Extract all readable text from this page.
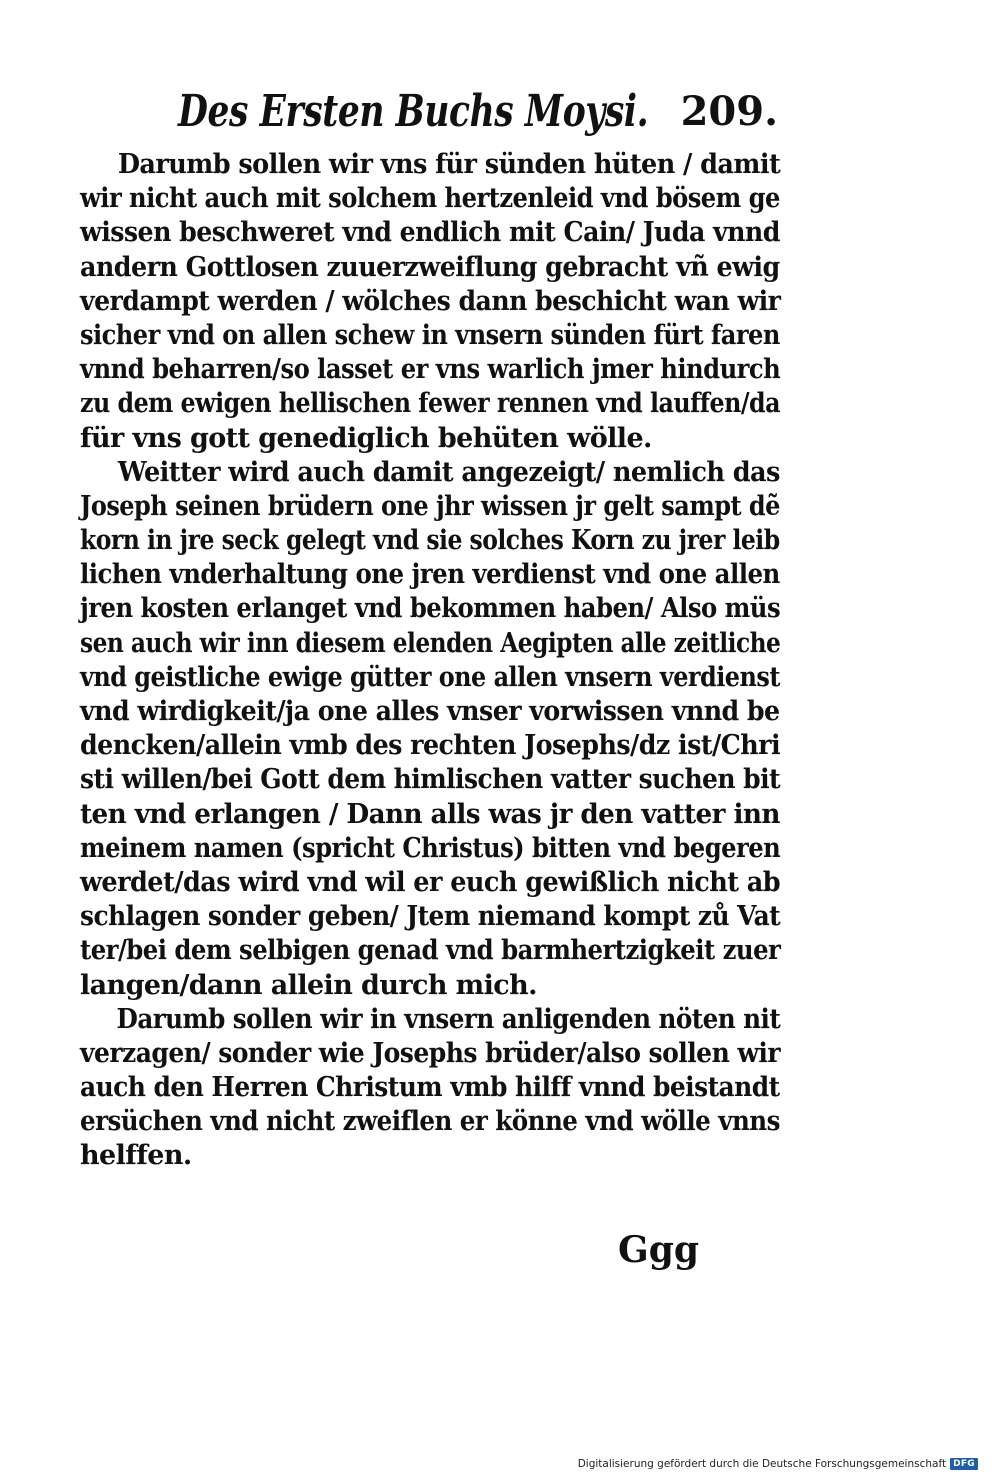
Des Ersten Buchs Moysi. 209.
Darumb sollen wir vns für sünden hüten / damit
wir nicht auch mit solchem hertzenleid vnd bösem ge
wissen beschweret vnd endlich mit Cain/ Juda vnnd
andern Gottlosen zuuerzweiflung gebracht vñ ewig
verdampt werden / wölches dann beschicht wan wir
sicher vnd on allen schew in vnsern sünden fürt faren
vnnd beharren/so lasset er vns warlich jmer hindurch
zu dem ewigen hellischen fewer rennen vnd lauffen/da
für vns gott genediglich behüten wölle.
Weitter wird auch damit angezeigt/ nemlich das
Joseph seinen brüdern one jhr wissen jr gelt sampt dẽ
korn in jre seck gelegt vnd sie solches Korn zu jrer leib
lichen vnderhaltung one jren verdienst vnd one allen
jren kosten erlanget vnd bekommen haben/ Also müs
sen auch wir inn diesem elenden Aegipten alle zeitliche
vnd geistliche ewige gütter one allen vnsern verdienst
vnd wirdigkeit/ja one alles vnser vorwissen vnnd be
dencken/allein vmb des rechten Josephs/dz ist/Chri
sti willen/bei Gott dem himlischen vatter suchen bit
ten vnd erlangen / Dann alls was jr den vatter inn
meinem namen (spricht Christus) bitten vnd begeren
werdet/das wird vnd wil er euch gewißlich nicht ab
schlagen sonder geben/ Jtem niemand kompt zů Vat
ter/bei dem selbigen genad vnd barmhertzigkeit zuer
langen/dann allein durch mich.
Darumb sollen wir in vnsern anligenden nöten nit
verzagen/ sonder wie Josephs brüder/also sollen wir
auch den Herren Christum vmb hilff vnnd beistandt
ersüchen vnd nicht zweiflen er könne vnd wölle vnns
helffen.
Ggg
Digitalisierung gefördert durch die Deutsche Forschungsgemeinschaft DFG
